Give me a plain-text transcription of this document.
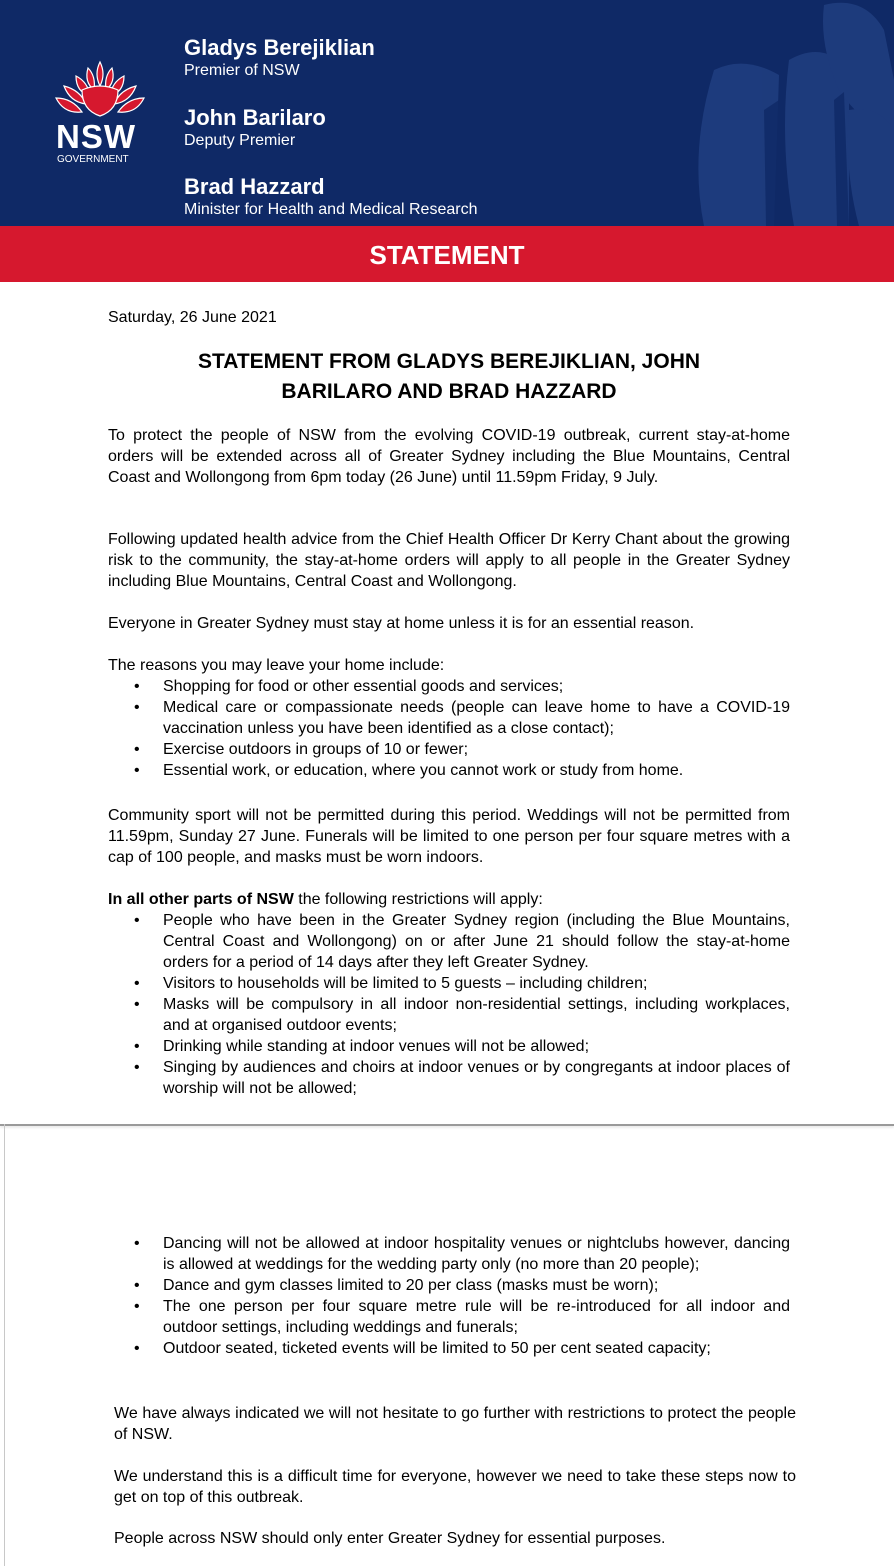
NSW
GOVERNMENT
Gladys Berejiklian
Premier of NSW
John Barilaro
Deputy Premier
Brad Hazzard
Minister for Health and Medical Research
STATEMENT
Saturday, 26 June 2021
STATEMENT FROM GLADYS BEREJIKLIAN, JOHN
BARILARO AND BRAD HAZZARD
To protect the people of NSW from the evolving COVID-19 outbreak, current stay-at-home orders will be extended across all of Greater Sydney including the Blue Mountains, Central Coast and Wollongong from 6pm today (26 June) until 11.59pm Friday, 9 July.
Following updated health advice from the Chief Health Officer Dr Kerry Chant about the growing risk to the community, the stay-at-home orders will apply to all people in the Greater Sydney including Blue Mountains, Central Coast and Wollongong.
Everyone in Greater Sydney must stay at home unless it is for an essential reason.
The reasons you may leave your home include:
• Shopping for food or other essential goods and services;
• Medical care or compassionate needs (people can leave home to have a COVID-19 vaccination unless you have been identified as a close contact);
• Exercise outdoors in groups of 10 or fewer;
• Essential work, or education, where you cannot work or study from home.
Community sport will not be permitted during this period. Weddings will not be permitted from 11.59pm, Sunday 27 June. Funerals will be limited to one person per four square metres with a cap of 100 people, and masks must be worn indoors.
In all other parts of NSW the following restrictions will apply:
• People who have been in the Greater Sydney region (including the Blue Mountains, Central Coast and Wollongong) on or after June 21 should follow the stay-at-home orders for a period of 14 days after they left Greater Sydney.
• Visitors to households will be limited to 5 guests – including children;
• Masks will be compulsory in all indoor non-residential settings, including workplaces, and at organised outdoor events;
• Drinking while standing at indoor venues will not be allowed;
• Singing by audiences and choirs at indoor venues or by congregants at indoor places of worship will not be allowed;
• Dancing will not be allowed at indoor hospitality venues or nightclubs however, dancing is allowed at weddings for the wedding party only (no more than 20 people);
• Dance and gym classes limited to 20 per class (masks must be worn);
• The one person per four square metre rule will be re-introduced for all indoor and outdoor settings, including weddings and funerals;
• Outdoor seated, ticketed events will be limited to 50 per cent seated capacity;
We have always indicated we will not hesitate to go further with restrictions to protect the people of NSW.
We understand this is a difficult time for everyone, however we need to take these steps now to get on top of this outbreak.
People across NSW should only enter Greater Sydney for essential purposes.
